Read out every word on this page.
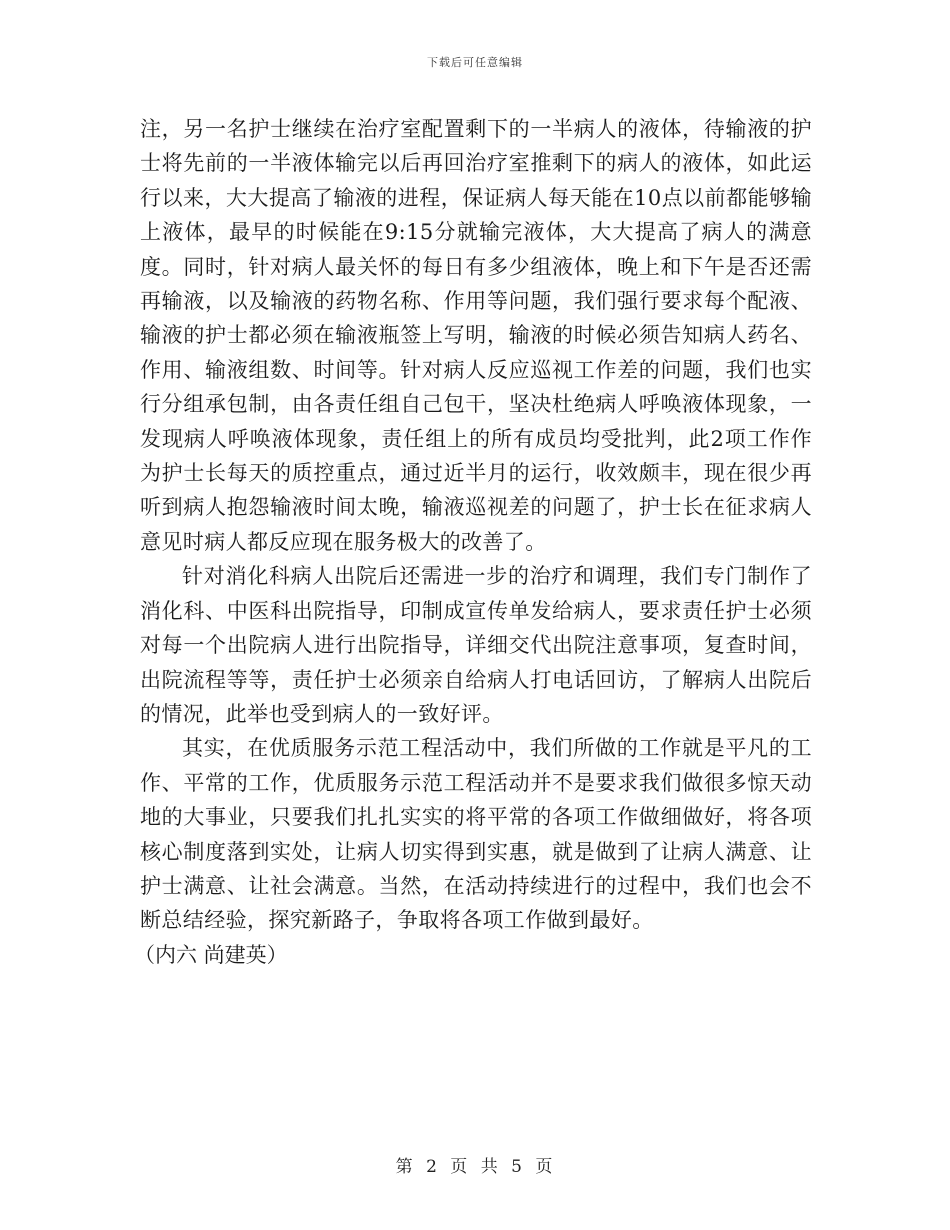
下载后可任意编辑

注，另一名护士继续在治疗室配置剩下的一半病人的液体，待输液的护士将先前的一半液体输完以后再回治疗室推剩下的病人的液体，如此运行以来，大大提高了输液的进程，保证病人每天能在10点以前都能够输上液体，最早的时候能在9:15分就输完液体，大大提高了病人的满意度。同时，针对病人最关怀的每日有多少组液体，晚上和下午是否还需再输液，以及输液的药物名称、作用等问题，我们强行要求每个配液、输液的护士都必须在输液瓶签上写明，输液的时候必须告知病人药名、作用、输液组数、时间等。针对病人反应巡视工作差的问题，我们也实行分组承包制，由各责任组自己包干，坚决杜绝病人呼唤液体现象，一发现病人呼唤液体现象，责任组上的所有成员均受批判，此2项工作作为护士长每天的质控重点，通过近半月的运行，收效颇丰，现在很少再听到病人抱怨输液时间太晚，输液巡视差的问题了，护士长在征求病人意见时病人都反应现在服务极大的改善了。

针对消化科病人出院后还需进一步的治疗和调理，我们专门制作了消化科、中医科出院指导，印制成宣传单发给病人，要求责任护士必须对每一个出院病人进行出院指导，详细交代出院注意事项，复查时间，出院流程等等，责任护士必须亲自给病人打电话回访，了解病人出院后的情况，此举也受到病人的一致好评。

其实，在优质服务示范工程活动中，我们所做的工作就是平凡的工作、平常的工作，优质服务示范工程活动并不是要求我们做很多惊天动地的大事业，只要我们扎扎实实的将平常的各项工作做细做好，将各项核心制度落到实处，让病人切实得到实惠，就是做到了让病人满意、让护士满意、让社会满意。当然，在活动持续进行的过程中，我们也会不断总结经验，探究新路子，争取将各项工作做到最好。

（内六 尚建英）

第 2 页 共 5 页
